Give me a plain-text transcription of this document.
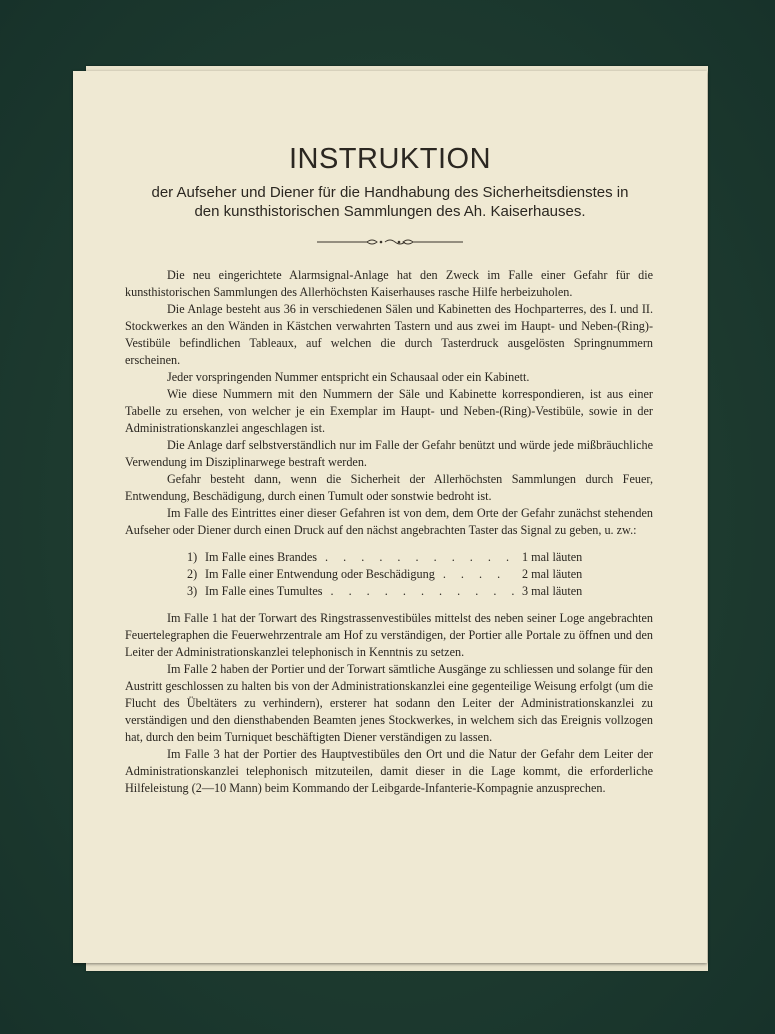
INSTRUKTION
der Aufseher und Diener für die Handhabung des Sicherheitsdienstes in
den kunsthistorischen Sammlungen des Ah. Kaiserhauses.

Die neu eingerichtete Alarmsignal-Anlage hat den Zweck im Falle einer Gefahr für die kunsthistorischen Sammlungen des Allerhöchsten Kaiserhauses rasche Hilfe herbeizuholen.

Die Anlage besteht aus 36 in verschiedenen Sälen und Kabinetten des Hochparterres, des I. und II. Stockwerkes an den Wänden in Kästchen verwahrten Tastern und aus zwei im Haupt- und Neben-(Ring)-Vestibüle befindlichen Tableaux, auf welchen die durch Tasterdruck ausgelösten Springnummern erscheinen.

Jeder vorspringenden Nummer entspricht ein Schausaal oder ein Kabinett.

Wie diese Nummern mit den Nummern der Säle und Kabinette korrespondieren, ist aus einer Tabelle zu ersehen, von welcher je ein Exemplar im Haupt- und Neben-(Ring)-Vestibüle, sowie in der Administrationskanzlei angeschlagen ist.

Die Anlage darf selbstverständlich nur im Falle der Gefahr benützt und würde jede mißbräuchliche Verwendung im Disziplinarwege bestraft werden.

Gefahr besteht dann, wenn die Sicherheit der Allerhöchsten Sammlungen durch Feuer, Entwendung, Beschädigung, durch einen Tumult oder sonstwie bedroht ist.

Im Falle des Eintrittes einer dieser Gefahren ist von dem, dem Orte der Gefahr zunächst stehenden Aufseher oder Diener durch einen Druck auf den nächst angebrachten Taster das Signal zu geben, u. zw.:

1) Im Falle eines Brandes . . .	1 mal läuten
2) Im Falle einer Entwendung oder Beschädigung . . .	2 mal läuten
3) Im Falle eines Tumultes . . .	3 mal läuten

Im Falle 1 hat der Torwart des Ringstrassenvestibüles mittelst des neben seiner Loge angebrachten Feuertelegraphen die Feuerwehrzentrale am Hof zu verständigen, der Portier alle Portale zu öffnen und den Leiter der Administrationskanzlei telephonisch in Kenntnis zu setzen.

Im Falle 2 haben der Portier und der Torwart sämtliche Ausgänge zu schliessen und solange für den Austritt geschlossen zu halten bis von der Administrationskanzlei eine gegenteilige Weisung erfolgt (um die Flucht des Übeltäters zu verhindern), ersterer hat sodann den Leiter der Administrationskanzlei zu verständigen und den diensthabenden Beamten jenes Stockwerkes, in welchem sich das Ereignis vollzogen hat, durch den beim Turniquet beschäftigten Diener verständigen zu lassen.

Im Falle 3 hat der Portier des Hauptvestibüles den Ort und die Natur der Gefahr dem Leiter der Administrationskanzlei telephonisch mitzuteilen, damit dieser in die Lage kommt, die erforderliche Hilfeleistung (2—10 Mann) beim Kommando der Leibgarde-Infanterie-Kompagnie anzusprechen.
